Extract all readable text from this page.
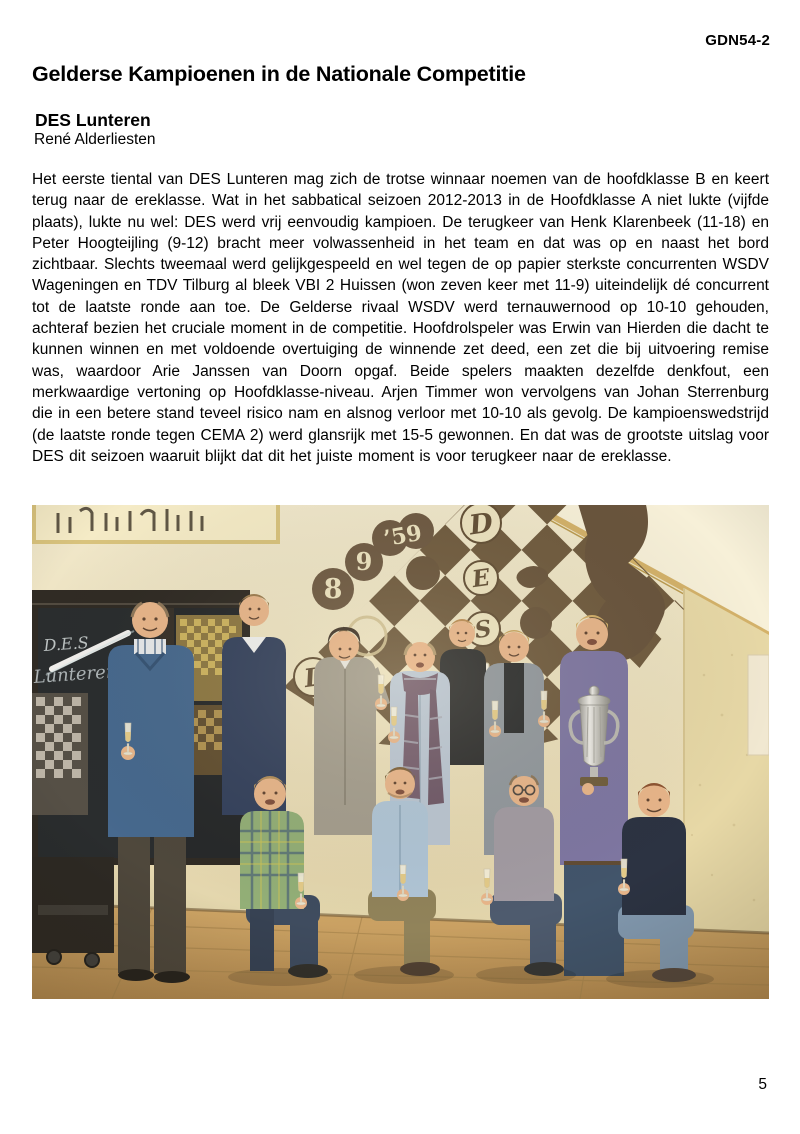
GDN54-2
Gelderse Kampioenen in de Nationale Competitie
DES Lunteren
René Alderliesten

Het eerste tiental van DES Lunteren mag zich de trotse winnaar noemen van de hoofdklasse B en keert terug naar de ereklasse. Wat in het sabbatical seizoen 2012-2013 in de Hoofdklasse A niet lukte (vijfde plaats), lukte nu wel: DES werd vrij eenvoudig kampioen. De terugkeer van Henk Klarenbeek (11-18) en Peter Hoogteijling (9-12) bracht meer volwassenheid in het team en dat was op en naast het bord zichtbaar. Slechts tweemaal werd gelijkgespeeld en wel tegen de op papier sterkste concurrenten WSDV Wageningen en TDV Tilburg al bleek VBI 2 Huissen (won zeven keer met 11-9) uiteindelijk dé concurrent tot de laatste ronde aan toe. De Gelderse rivaal WSDV werd ternauwernood op 10-10 gehouden, achteraf bezien het cruciale moment in de competitie. Hoofdrolspeler was Erwin van Hierden die dacht te kunnen winnen en met voldoende overtuiging de winnende zet deed, een zet die bij uitvoering remise was, waardoor Arie Janssen van Doorn opgaf. Beide spelers maakten dezelfde denkfout, een merkwaardige vertoning op Hoofdklasse-niveau. Arjen Timmer won vervolgens van Johan Sterrenburg die in een betere stand teveel risico nam en alsnog verloor met 10-10 als gevolg. De kampioenswedstrijd (de laatste ronde tegen CEMA 2) werd glansrijk met 15-5 gewonnen. En dat was de grootste uitslag voor DES dit seizoen waaruit blijkt dat dit het juiste moment is voor terugkeer naar de ereklasse.

5
